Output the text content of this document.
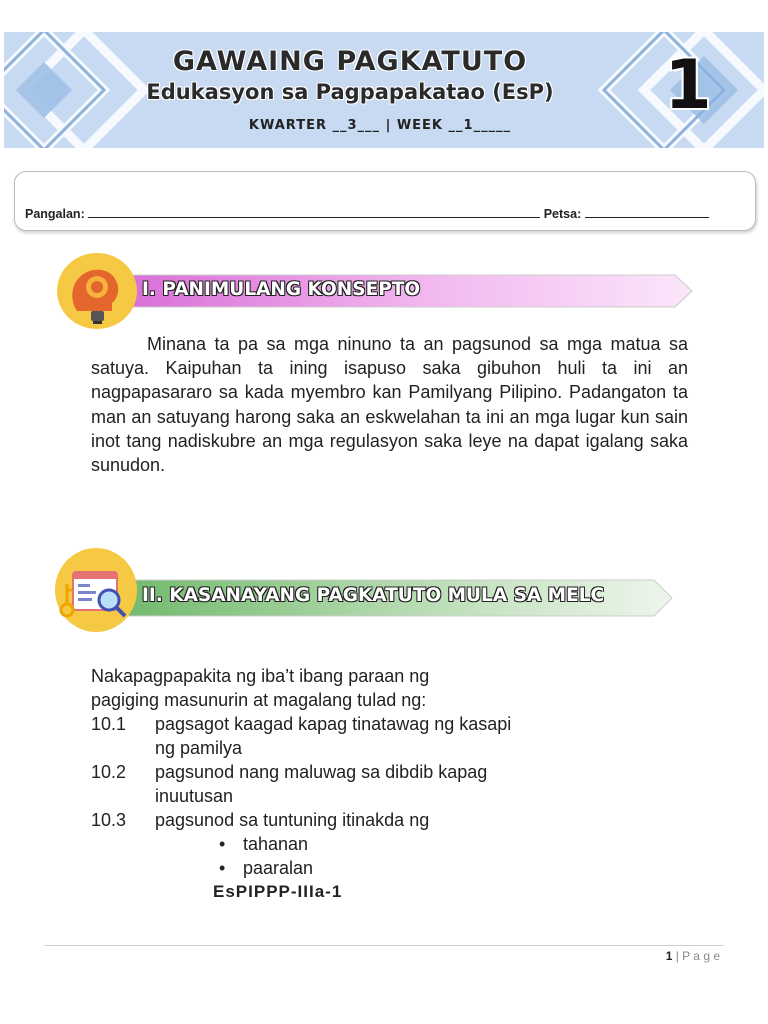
GAWAING PAGKATUTO
Edukasyon sa Pagpapakatao (EsP)
KWARTER __3___ | WEEK __1_____
1
Pangalan:	Petsa:
I. PANIMULANG KONSEPTO
Minana ta pa sa mga ninuno ta an pagsunod sa mga matua sa satuya. Kaipuhan ta ining isapuso saka gibuhon huli ta ini an nagpapasararo sa kada myembro kan Pamilyang Pilipino. Padangaton ta man an satuyang harong saka an eskwelahan ta ini an mga lugar kun sain inot tang nadiskubre an mga regulasyon saka leye na dapat igalang saka sunudon.
II. KASANAYANG PAGKATUTO MULA SA MELC
Nakapagpapakita ng iba’t ibang paraan ng
pagiging masunurin at magalang tulad ng:
10.1	pagsagot kaagad kapag tinatawag ng kasapi
ng pamilya
10.2	pagsunod nang maluwag sa dibdib kapag
inuutusan
10.3	pagsunod sa tuntuning itinakda ng
• tahanan
• paaralan
EsPIPPP-IIIa-1
1 | P a g e
